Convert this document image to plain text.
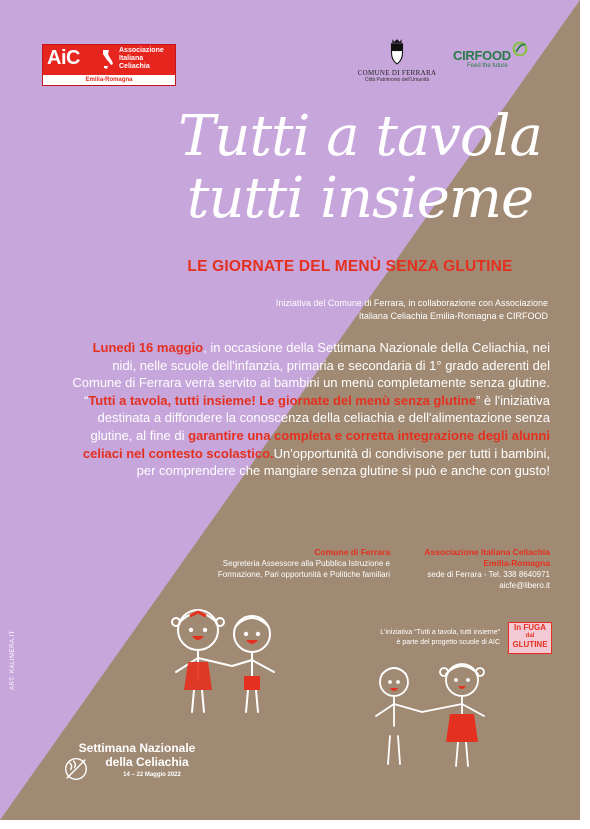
AiC	Associazione
Italiana
Celiachia
Emilia-Romagna
COMUNE DI FERRARA
Città Patrimonio dell'Umanità
CIRFOOD
Feed the future
Tutti a tavola
tutti insieme
LE GIORNATE DEL MENÙ SENZA GLUTINE
Iniziativa del Comune di Ferrara, in collaborazione con Associazione
Italiana Celiachia Emilia-Romagna e CIRFOOD
Lunedì 16 maggio, in occasione della Settimana Nazionale della Celiachia, nei nidi, nelle scuole dell'infanzia, primaria e secondaria di 1° grado aderenti del Comune di Ferrara verrà servito ai bambini un menù completamente senza glutine. “Tutti a tavola, tutti insieme! Le giornate del menù senza glutine” è l'iniziativa destinata a diffondere la conoscenza della celiachia e dell'alimentazione senza glutine, al fine di garantire una completa e corretta integrazione degli alunni celiaci nel contesto scolastico.Un'opportunità di condivisone per tutti i bambini, per comprendere che mangiare senza glutine si può e anche con gusto!
Comune di Ferrara
Segreteria Assessore alla Pubblica Istruzione e
Formazione, Pari opportunità e Politiche familiari
Associazione Italiana Celiachia
Emilia-Romagna
sede di Ferrara - Tel. 338 8640971
aicfe@libero.it
L'iniziativa “Tutti a tavola, tutti insieme”
è parte del progetto scuole di AIC
In FUGA
dal
GLUTINE
ART: KALIMERA.IT
Settimana Nazionale
della Celiachia
14 – 22 Maggio 2022
